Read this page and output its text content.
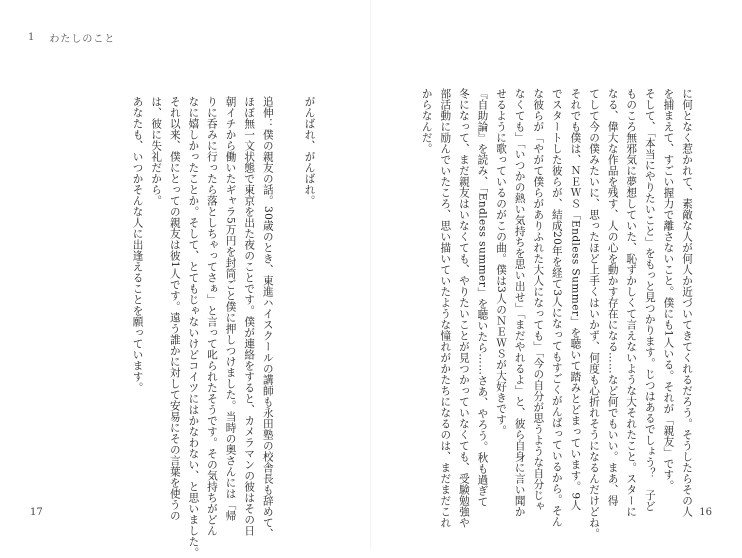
1 わたしのこと
に何となく惹かれて、素敵な人が何人か近づいてきてくれるだろう。そうしたらその人
を捕まえて、すごい握力で離さないこと。僕にも1人いる。それが「親友」です。
そして、「本当にやりたいこと」をもっと見つかります。じつはあるでしょう？　子ど
ものころ無邪気に夢想していた、恥ずかしくて言えないような大それたこと。スターに
なる、偉大な作品を残す、人の心を動かす存在になる……など何でもいい。まあ、得
てして今の僕みたいに、思ったほど上手くはいかず、何度も心折れそうになるんだけどね。
それでも僕は、ＮＥＷＳ「Endless Summer」を聴いて踏みとどまっています。9人
でスタートした彼らが、結成20年を経て3人になってもすごくがんばっているから。そん
な彼らが「やがて僕らがありふれた大人になっても」「今の自分が思うような自分じゃ
なくても」「いつかの熱い気持ちを思い出せ」「まだやれるよ」と、彼ら自身に言い聞か
せるように歌っているのがこの曲。僕は3人のＮＥＷＳが大好きです。
『自助論』を読み、「Endless summer」を聴いたら……さあ、やろう。秋も過ぎて
冬になって、まだ親友はいなくても、やりたいことが見つかっていなくても、受験勉強や
部活動に励んでいたころ、思い描いていたような憧れがかたちになるのは、まだまだこれ
からなんだ。
がんばれ、がんばれ。
追伸：僕の親友の話。30歳のとき、東進ハイスクールの講師も永田塾の校舎長も辞めて、
ほぼ無一文状態で東京を出た夜のことです。僕が連絡をすると、カメラマンの彼はその日
朝イチから働いたギャラ5万円を封筒ごと僕に押しつけました。当時の奥さんには「帰
りに呑みに行ったら落としちゃってさぁ」と言って叱られたそうです。その気持ちがどん
なに嬉しかったことか。そして、とてもじゃないけどコイツにはかなわない、と思いました。
それ以来、僕にとっての親友は彼1人です。遠う誰かに対して安易にその言葉を使うの
は、彼に失礼だから。
あなたも、いつかそんな人に出逢えることを願っています。
17	16
